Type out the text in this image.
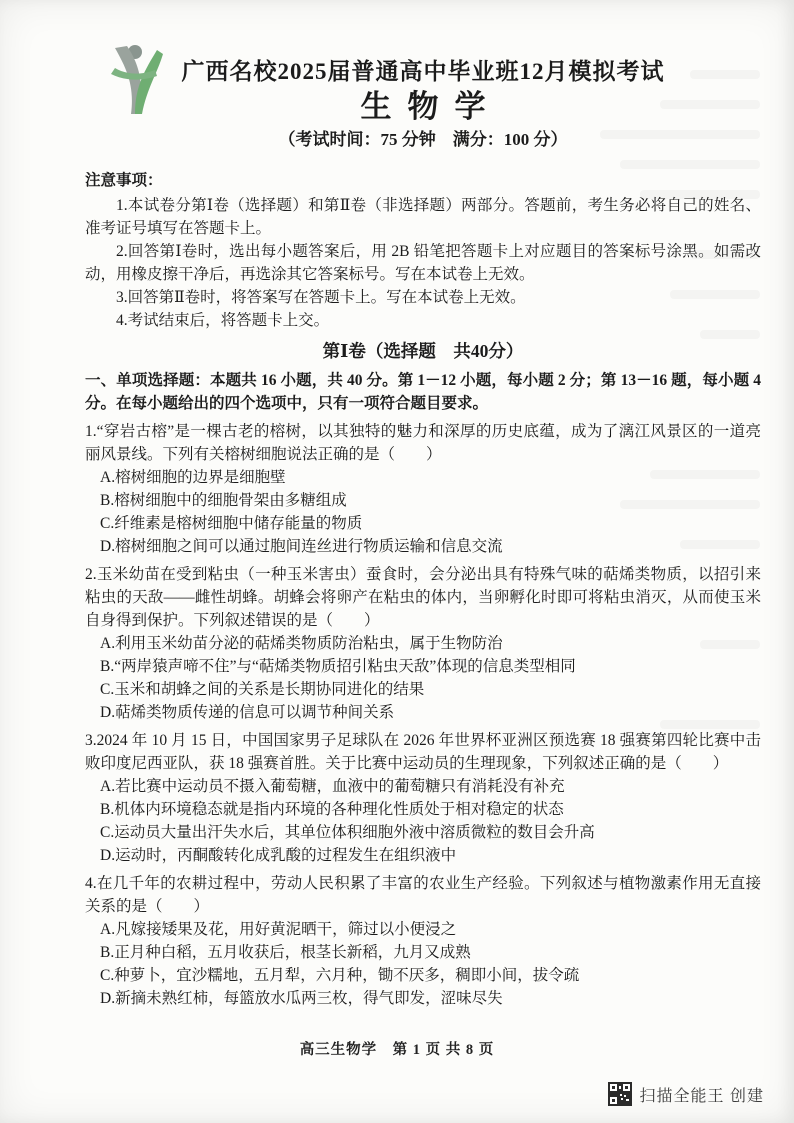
广西名校2025届普通高中毕业班12月模拟考试
生物学
（考试时间：75 分钟　满分：100 分）
注意事项：

1.本试卷分第Ⅰ卷（选择题）和第Ⅱ卷（非选择题）两部分。答题前，考生务必将自己的姓名、准考证号填写在答题卡上。

2.回答第Ⅰ卷时，选出每小题答案后，用 2B 铅笔把答题卡上对应题目的答案标号涂黑。如需改动，用橡皮擦干净后，再选涂其它答案标号。写在本试卷上无效。

3.回答第Ⅱ卷时，将答案写在答题卡上。写在本试卷上无效。

4.考试结束后，将答题卡上交。

第Ⅰ卷（选择题　共40分）

一、单项选择题：本题共 16 小题，共 40 分。第 1－12 小题，每小题 2 分；第 13－16 题，每小题 4 分。在每小题给出的四个选项中，只有一项符合题目要求。

1.“穿岩古榕”是一棵古老的榕树，以其独特的魅力和深厚的历史底蕴，成为了漓江风景区的一道亮丽风景线。下列有关榕树细胞说法正确的是（　　）

A.榕树细胞的边界是细胞壁

B.榕树细胞中的细胞骨架由多糖组成

C.纤维素是榕树细胞中储存能量的物质

D.榕树细胞之间可以通过胞间连丝进行物质运输和信息交流

2.玉米幼苗在受到粘虫（一种玉米害虫）蚕食时，会分泌出具有特殊气味的萜烯类物质，以招引来粘虫的天敌——雌性胡蜂。胡蜂会将卵产在粘虫的体内，当卵孵化时即可将粘虫消灭，从而使玉米自身得到保护。下列叙述错误的是（　　）

A.利用玉米幼苗分泌的萜烯类物质防治粘虫，属于生物防治

B.“两岸猿声啼不住”与“萜烯类物质招引粘虫天敌”体现的信息类型相同

C.玉米和胡蜂之间的关系是长期协同进化的结果

D.萜烯类物质传递的信息可以调节种间关系

3.2024 年 10 月 15 日，中国国家男子足球队在 2026 年世界杯亚洲区预选赛 18 强赛第四轮比赛中击败印度尼西亚队，获 18 强赛首胜。关于比赛中运动员的生理现象，下列叙述正确的是（　　）

A.若比赛中运动员不摄入葡萄糖，血液中的葡萄糖只有消耗没有补充

B.机体内环境稳态就是指内环境的各种理化性质处于相对稳定的状态

C.运动员大量出汗失水后，其单位体积细胞外液中溶质微粒的数目会升高

D.运动时，丙酮酸转化成乳酸的过程发生在组织液中

4.在几千年的农耕过程中，劳动人民积累了丰富的农业生产经验。下列叙述与植物激素作用无直接关系的是（　　）

A.凡嫁接矮果及花，用好黄泥晒干，筛过以小便浸之

B.正月种白稻，五月收获后，根茎长新稻，九月又成熟

C.种萝卜，宜沙糯地，五月犁，六月种，锄不厌多，稠即小间，拔令疏

D.新摘未熟红柿，每篮放水瓜两三枚，得气即发，涩味尽失

高三生物学　第 1 页 共 8 页
扫描全能王 创建
